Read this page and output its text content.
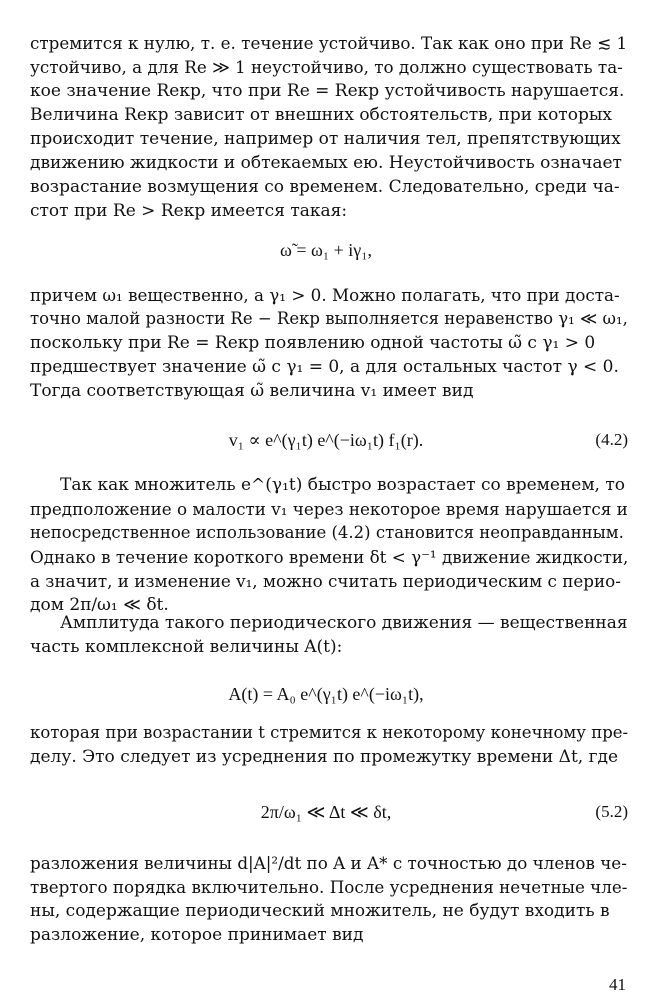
стремится к нулю, т. е. течение устойчиво. Так как оно при Re ≲ 1
устойчиво, а для Re ≫ 1 неустойчиво, то должно существовать та-
кое значение Reкр, что при Re = Reкр устойчивость нарушается.
Величина Reкр зависит от внешних обстоятельств, при которых
происходит течение, например от наличия тел, препятствующих
движению жидкости и обтекаемых ею. Неустойчивость означает
возрастание возмущения со временем. Следовательно, среди ча-
стот при Re > Reкр имеется такая:
ω̃ = ω₁ + iγ₁,
причем ω₁ вещественно, а γ₁ > 0. Можно полагать, что при доста-
точно малой разности Re − Reкр выполняется неравенство γ₁ ≪ ω₁,
поскольку при Re = Reкр появлению одной частоты ω̃ с γ₁ > 0
предшествует значение ω̃ с γ₁ = 0, а для остальных частот γ < 0.
Тогда соответствующая ω̃ величина v₁ имеет вид
v₁ ∝ e^(γ₁t) e^(−iω₁t) f₁(r).	(4.2)
Так как множитель e^(γ₁t) быстро возрастает со временем, то
предположение о малости v₁ через некоторое время нарушается и
непосредственное использование (4.2) становится неоправданным.
Однако в течение короткого времени δt < γ⁻¹ движение жидкости,
а значит, и изменение v₁, можно считать периодическим с перио-
дом 2π/ω₁ ≪ δt.
Амплитуда такого периодического движения — вещественная
часть комплексной величины A(t):
A(t) = A₀ e^(γ₁t) e^(−iω₁t),
которая при возрастании t стремится к некоторому конечному пре-
делу. Это следует из усреднения по промежутку времени Δt, где
2π/ω₁ ≪ Δt ≪ δt,	(5.2)
разложения величины d|A|²/dt по A и A* с точностью до членов че-
твертого порядка включительно. После усреднения нечетные чле-
ны, содержащие периодический множитель, не будут входить в
разложение, которое принимает вид
41
